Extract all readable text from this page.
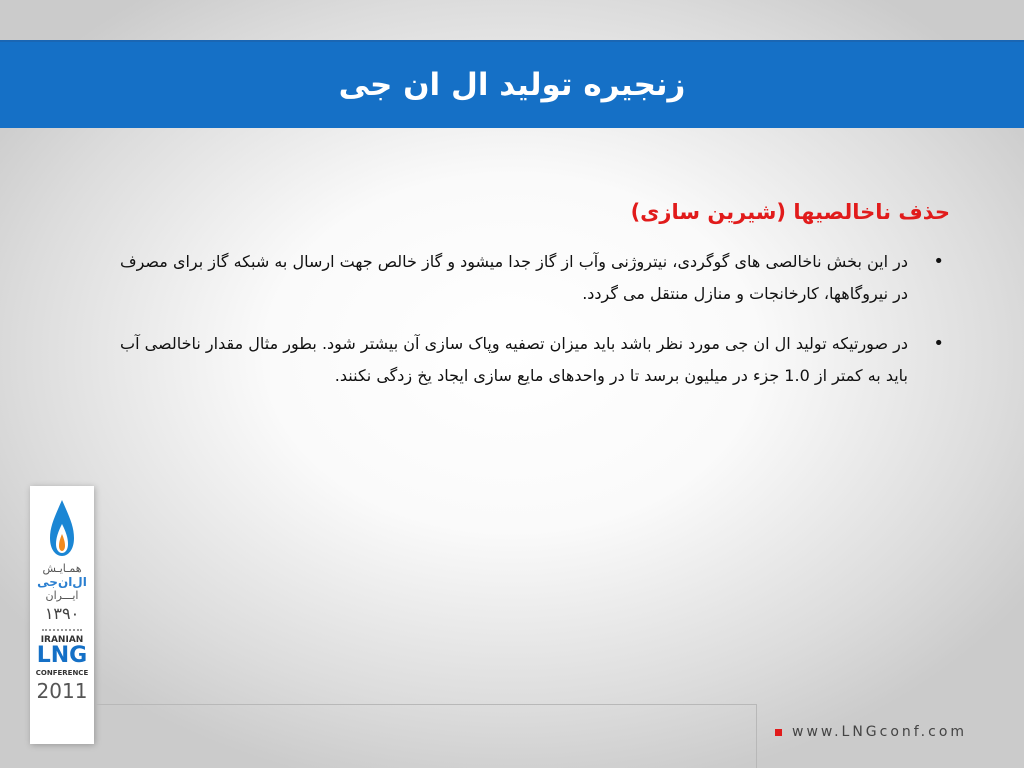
زنجیره تولید ال ان جی
حذف ناخالصیها (شیرین سازی)
•
در این بخش ناخالصی های گوگردی، نیتروژنی وآب از گاز جدا میشود و گاز خالص جهت ارسال به شبکه گاز برای مصرف در نیروگاهها، کارخانجات و منازل منتقل می گردد.
•
در صورتیکه تولید ال ان جی مورد نظر باشد باید میزان تصفیه وپاک سازی آن بیشتر شود. بطور مثال مقدار ناخالصی آب باید به کمتر از 1.0 جزء در میلیون برسد تا در واحدهای مایع سازی ایجاد یخ زدگی نکنند.
همـایـش
ال‌ان‌جی
ایـــران
۱۳۹۰
IRANIAN
LNG
CONFERENCE
2011
www.LNGconf.com
